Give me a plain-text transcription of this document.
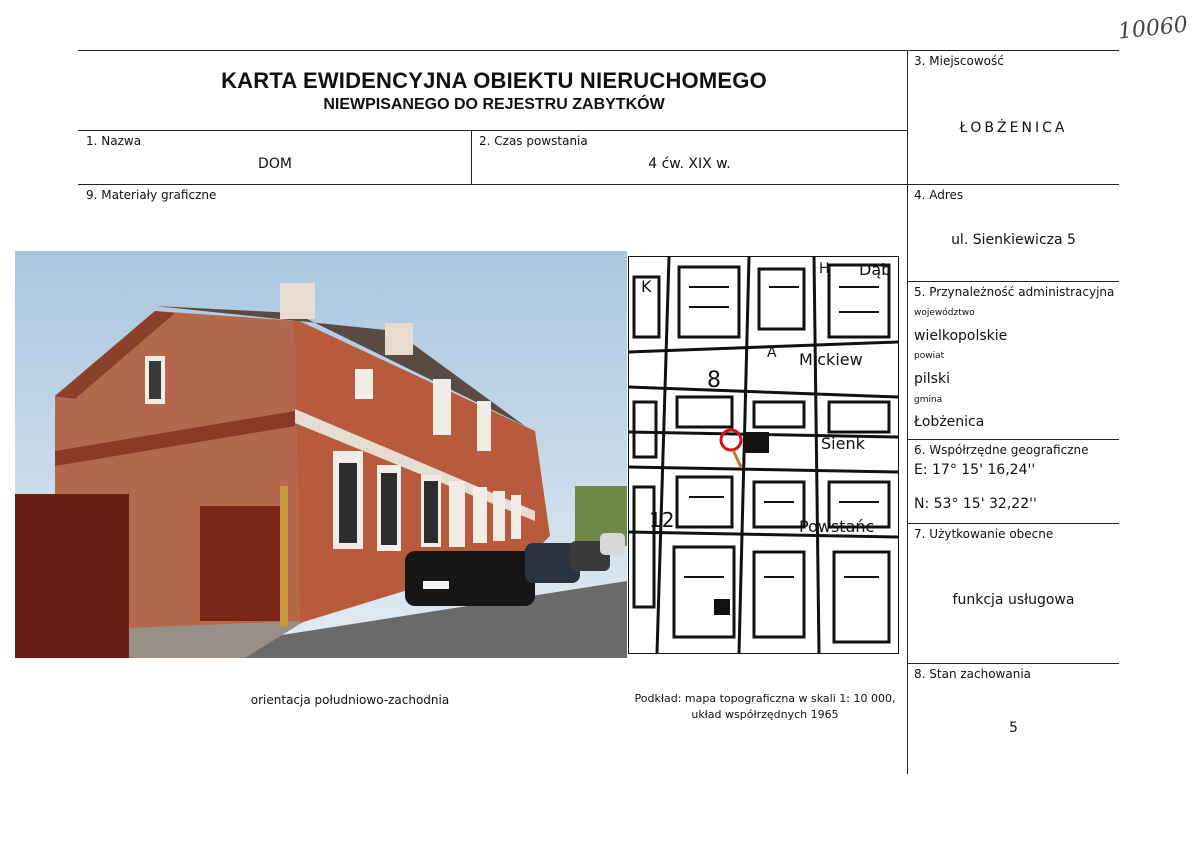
10060
KARTA EWIDENCYJNA OBIEKTU NIERUCHOMEGO
NIEWPISANEGO DO REJESTRU ZABYTKÓW
1. Nazwa
DOM
2. Czas powstania
4 ćw. XIX w.
3. Miejscowość
ŁOBŻENICA
4. Adres
ul. Sienkiewicza 5
5. Przynależność administracyjna
województwo
wielkopolskie
powiat
pilski
gmina
Łobżenica
6. Współrzędne geograficzne
E: 17° 15' 16,24''
N: 53° 15' 32,22''
7. Użytkowanie obecne
funkcja usługowa
8. Stan zachowania
5
9. Materiały graficzne
Dąb
Mickiew
Sienk
Powstańc
8
12
K
H
A
orientacja południowo-zachodnia	Podkład: mapa topograficzna w skali 1: 10 000,
układ współrzędnych 1965
